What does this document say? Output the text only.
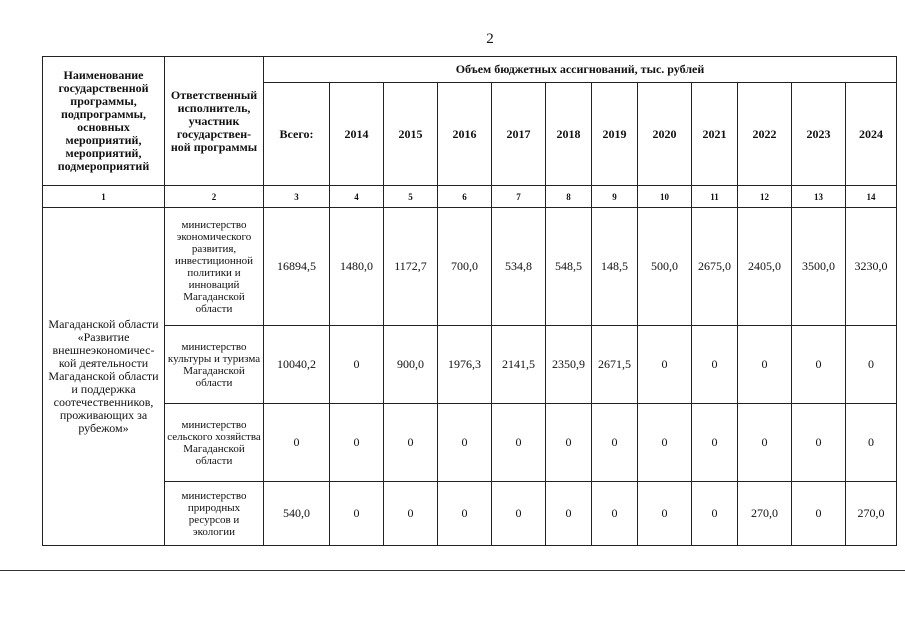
2
Наименование государственной программы, подпрограммы, основных мероприятий, мероприятий, подмероприятий	Ответственный исполнитель, участник государствен-ной программы	Объем бюджетных ассигнований, тыс. рублей											
		Всего:	2014	2015	2016	2017	2018	2019	2020	2021	2022	2023	2024
1	2	3	4	5	6	7	8	9	10	11	12	13	14
Магаданской области «Развитие внешнеэкономичес-кой деятельности Магаданской области и поддержка соотечественников, проживающих за рубежом»	министерство экономического развития, инвестиционной политики и инноваций Магаданской области	16894,5	1480,0	1172,7	700,0	534,8	548,5	148,5	500,0	2675,0	2405,0	3500,0	3230,0
	министерство культуры и туризма Магаданской области	10040,2	0	900,0	1976,3	2141,5	2350,9	2671,5	0	0	0	0	0
	министерство сельского хозяйства Магаданской области	0	0	0	0	0	0	0	0	0	0	0	0
	министерство природных ресурсов и экологии	540,0	0	0	0	0	0	0	0	0	270,0	0	270,0
